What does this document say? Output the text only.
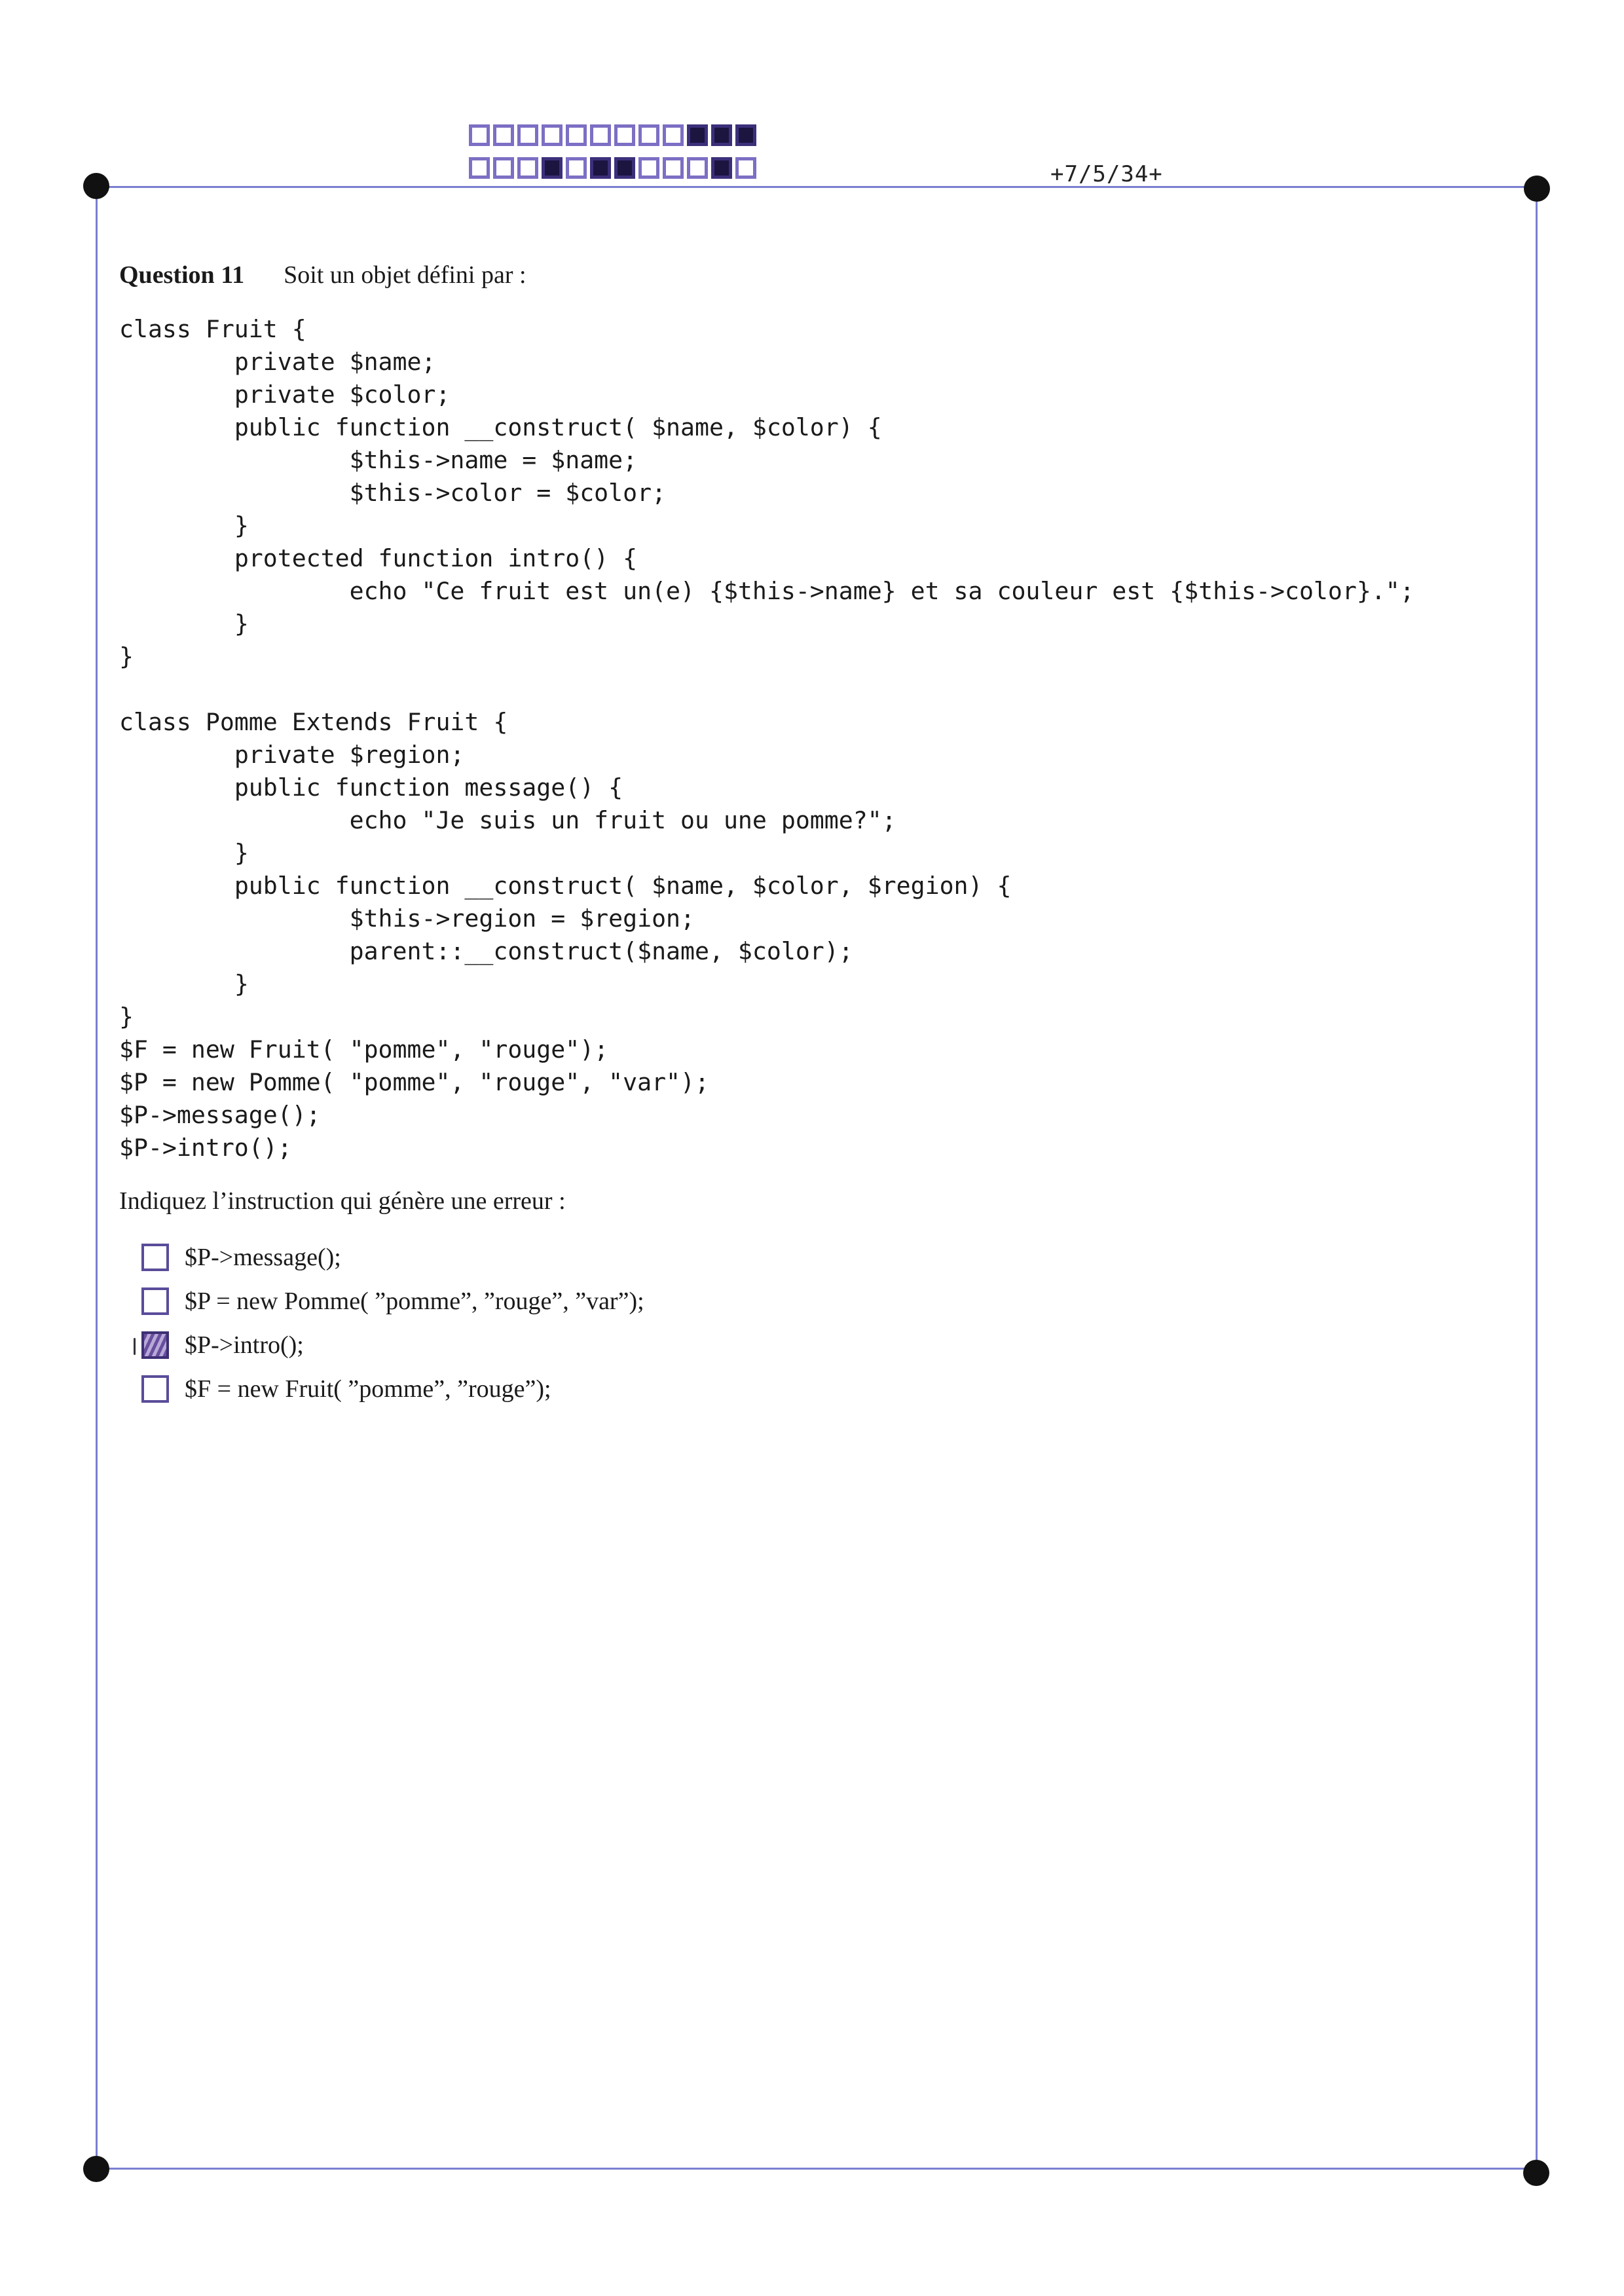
+7/5/34+
Question 11 Soit un objet défini par :
class Fruit {
	private $name;
	private $color;
	public function __construct( $name, $color) {
		$this->name = $name;
		$this->color = $color;
	}
	protected function intro() {
		echo "Ce fruit est un(e) {$this->name} et sa couleur est {$this->color}.";
	}
}

class Pomme Extends Fruit {
	private $region;
	public function message() {
		echo "Je suis un fruit ou une pomme?";
	}
	public function __construct( $name, $color, $region) {
		$this->region = $region;
		parent::__construct($name, $color);
	}
}
$F = new Fruit( "pomme", "rouge");
$P = new Pomme( "pomme", "rouge", "var");
$P->message();
$P->intro();
Indiquez l’instruction qui génère une erreur :
$P->message();
$P = new Pomme( ”pomme”, ”rouge”, ”var”);
$P->intro();
$F = new Fruit( ”pomme”, ”rouge”);
